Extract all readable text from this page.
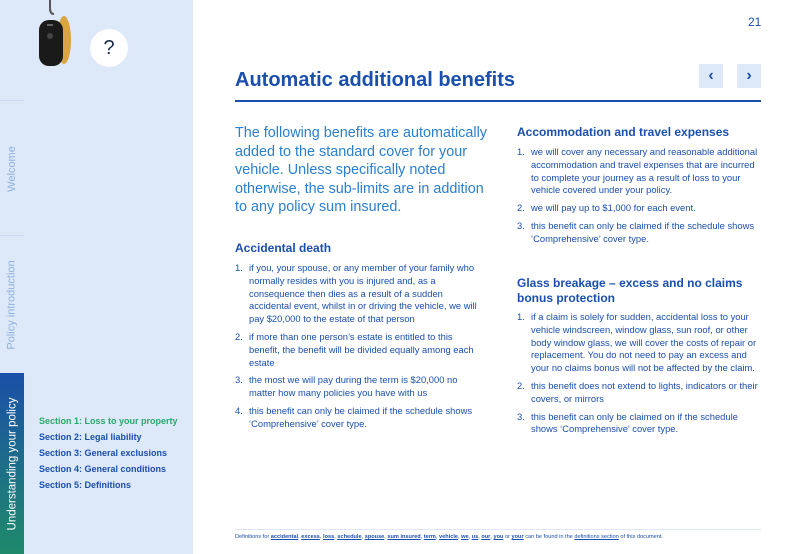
?
Welcome
Policy introduction
Understanding your policy Section 1: Loss to your property
Section 2: Legal liability
Section 3: General exclusions
Section 4: General conditions
Section 5: Definitions
21
Automatic additional benefits	‹ ›
The following benefits are automatically added to the standard cover for your vehicle. Unless specifically noted otherwise, the sub-limits are in addition to any policy sum insured.
Accidental death
1. if you, your spouse, or any member of your family who normally resides with you is injured and, as a consequence then dies as a result of a sudden accidental event, whilst in or driving the vehicle, we will pay $20,000 to the estate of that person
2. if more than one person’s estate is entitled to this benefit, the benefit will be divided equally among each estate
3. the most we will pay during the term is $20,000 no matter how many policies you have with us
4. this benefit can only be claimed if the schedule shows ‘Comprehensive’ cover type.
Accommodation and travel expenses
1. we will cover any necessary and reasonable additional accommodation and travel expenses that are incurred to complete your journey as a result of loss to your vehicle covered under your policy.
2. we will pay up to $1,000 for each event.
3. this benefit can only be claimed if the schedule shows ‘Comprehensive’ cover type.
Glass breakage – excess and no claims
bonus protection
1. if a claim is solely for sudden, accidental loss to your vehicle windscreen, window glass, sun roof, or other body window glass, we will cover the costs of repair or replacement. You do not need to pay an excess and your no claims bonus will not be affected by the claim.
2. this benefit does not extend to lights, indicators or their covers, or mirrors
3. this benefit can only be claimed on if the schedule shows ‘Comprehensive’ cover type.
Definitions for accidental, excess, loss, schedule, spouse, sum insured, term, vehicle, we, us, our, you or your can be found in the definitions section of this document.
